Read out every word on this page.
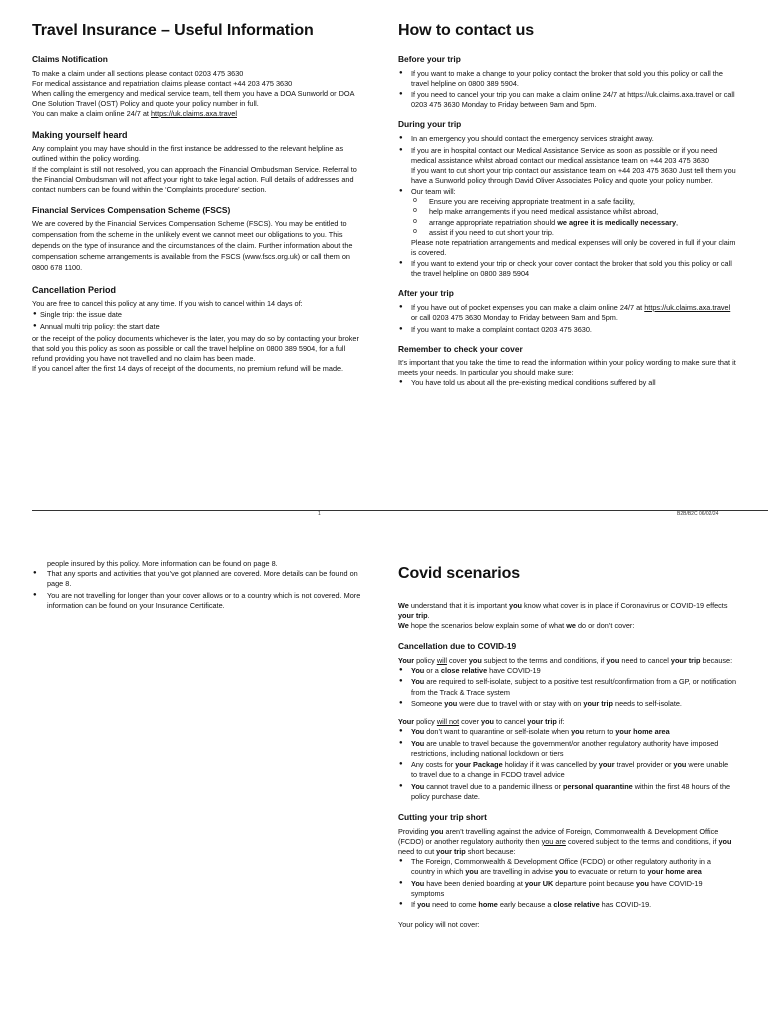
Travel Insurance – Useful Information
Claims Notification
To make a claim under all sections please contact 0203 475 3630
For medical assistance and repatriation claims please contact +44 203 475 3630
When calling the emergency and medical service team, tell them you have a DOA Sunworld or DOA One Solution Travel (OST) Policy and quote your policy number in full.
You can make a claim online 24/7 at https://uk.claims.axa.travel
Making yourself heard
Any complaint you may have should in the first instance be addressed to the relevant helpline as outlined within the policy wording.
If the complaint is still not resolved, you can approach the Financial Ombudsman Service. Referral to the Financial Ombudsman will not affect your right to take legal action. Full details of addresses and contact numbers can be found within the ‘Complaints procedure’ section.
Financial Services Compensation Scheme (FSCS)
We are covered by the Financial Services Compensation Scheme (FSCS). You may be entitled to compensation from the scheme in the unlikely event we cannot meet our obligations to you. This depends on the type of insurance and the circumstances of the claim. Further information about the compensation scheme arrangements is available from the FSCS (www.fscs.org.uk) or call them on 0800 678 1100.
Cancellation Period
You are free to cancel this policy at any time. If you wish to cancel within 14 days of:
● Single trip: the issue date
● Annual multi trip policy: the start date
or the receipt of the policy documents whichever is the later, you may do so by contacting your broker that sold you this policy as soon as possible or call the travel helpline on 0800 389 5904, for a full refund providing you have not travelled and no claim has been made.
If you cancel after the first 14 days of receipt of the documents, no premium refund will be made.
How to contact us
Before your trip
● If you want to make a change to your policy contact the broker that sold you this policy or call the travel helpline on 0800 389 5904.
● If you need to cancel your trip you can make a claim online 24/7 at https://uk.claims.axa.travel or call 0203 475 3630 Monday to Friday between 9am and 5pm.
During your trip
● In an emergency you should contact the emergency services straight away.
● If you are in hospital contact our Medical Assistance Service as soon as possible or if you need medical assistance whilst abroad contact our medical assistance team on +44 203 475 3630
If you want to cut short your trip contact our assistance team on +44 203 475 3630 Just tell them you have a Sunworld policy through David Oliver Associates Policy and quote your policy number.
● Our team will:
o Ensure you are receiving appropriate treatment in a safe facility,
o help make arrangements if you need medical assistance whilst abroad,
o arrange appropriate repatriation should we agree it is medically necessary,
o assist if you need to cut short your trip.
Please note repatriation arrangements and medical expenses will only be covered in full if your claim is covered.
● If you want to extend your trip or check your cover contact the broker that sold you this policy or call the travel helpline on 0800 389 5904
After your trip
● If you have out of pocket expenses you can make a claim online 24/7 at https://uk.claims.axa.travel or call 0203 475 3630 Monday to Friday between 9am and 5pm.
● If you want to make a complaint contact 0203 475 3630.
Remember to check your cover
It’s important that you take the time to read the information within your policy wording to make sure that it meets your needs. In particular you should make sure:
● You have told us about all the pre-existing medical conditions suffered by all
1	B2B/B2C 06/02/24
people insured by this policy. More information can be found on page 8.
● That any sports and activities that you’ve got planned are covered. More details can be found on page 8.
● You are not travelling for longer than your cover allows or to a country which is not covered. More information can be found on your Insurance Certificate.
Covid scenarios
We understand that it is important you know what cover is in place if Coronavirus or COVID-19 effects your trip.
We hope the scenarios below explain some of what we do or don’t cover:
Cancellation due to COVID-19
Your policy will cover you subject to the terms and conditions, if you need to cancel your trip because:
● You or a close relative have COVID-19
● You are required to self-isolate, subject to a positive test result/confirmation from a GP, or notification from the Track & Trace system
● Someone you were due to travel with or stay with on your trip needs to self-isolate.
Your policy will not cover you to cancel your trip if:
● You don’t want to quarantine or self-isolate when you return to your home area
● You are unable to travel because the government/or another regulatory authority have imposed restrictions, including national lockdown or tiers
● Any costs for your Package holiday if it was cancelled by your travel provider or you were unable to travel due to a change in FCDO travel advice
● You cannot travel due to a pandemic illness or personal quarantine within the first 48 hours of the policy purchase date.
Cutting your trip short
Providing you aren’t travelling against the advice of Foreign, Commonwealth & Development Office (FCDO) or another regulatory authority then you are covered subject to the terms and conditions, if you need to cut your trip short because:
● The Foreign, Commonwealth & Development Office (FCDO) or other regulatory authority in a country in which you are travelling in advise you to evacuate or return to your home area
● You have been denied boarding at your UK departure point because you have COVID-19 symptoms
● If you need to come home early because a close relative has COVID-19.
Your policy will not cover:
